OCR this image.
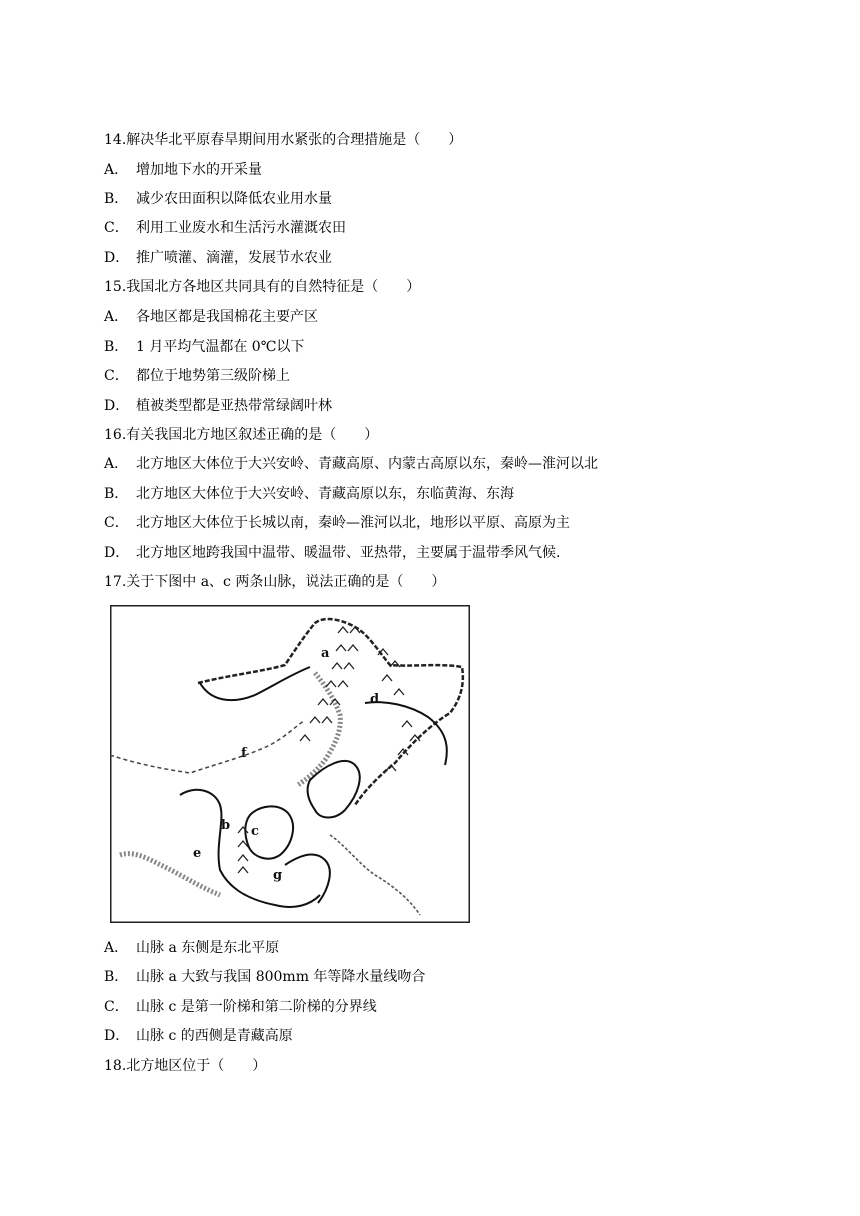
14.解决华北平原春旱期间用水紧张的合理措施是（　　）
A． 增加地下水的开采量
B． 减少农田面积以降低农业用水量
C． 利用工业废水和生活污水灌溉农田
D． 推广喷灌、滴灌，发展节水农业
15.我国北方各地区共同具有的自然特征是（　　）
A． 各地区都是我国棉花主要产区
B． 1 月平均气温都在 0℃以下
C． 都位于地势第三级阶梯上
D． 植被类型都是亚热带常绿阔叶林
16.有关我国北方地区叙述正确的是（　　）
A． 北方地区大体位于大兴安岭、青藏高原、内蒙古高原以东，秦岭—淮河以北
B． 北方地区大体位于大兴安岭、青藏高原以东，东临黄海、东海
C． 北方地区大体位于长城以南，秦岭—淮河以北，地形以平原、高原为主
D． 北方地区地跨我国中温带、暖温带、亚热带，主要属于温带季风气候.
17.关于下图中 a、c 两条山脉，说法正确的是（　　）
a
b c
d
e
f
g
A． 山脉 a 东侧是东北平原
B． 山脉 a 大致与我国 800mm 年等降水量线吻合
C． 山脉 c 是第一阶梯和第二阶梯的分界线
D． 山脉 c 的西侧是青藏高原
18.北方地区位于（　　）
